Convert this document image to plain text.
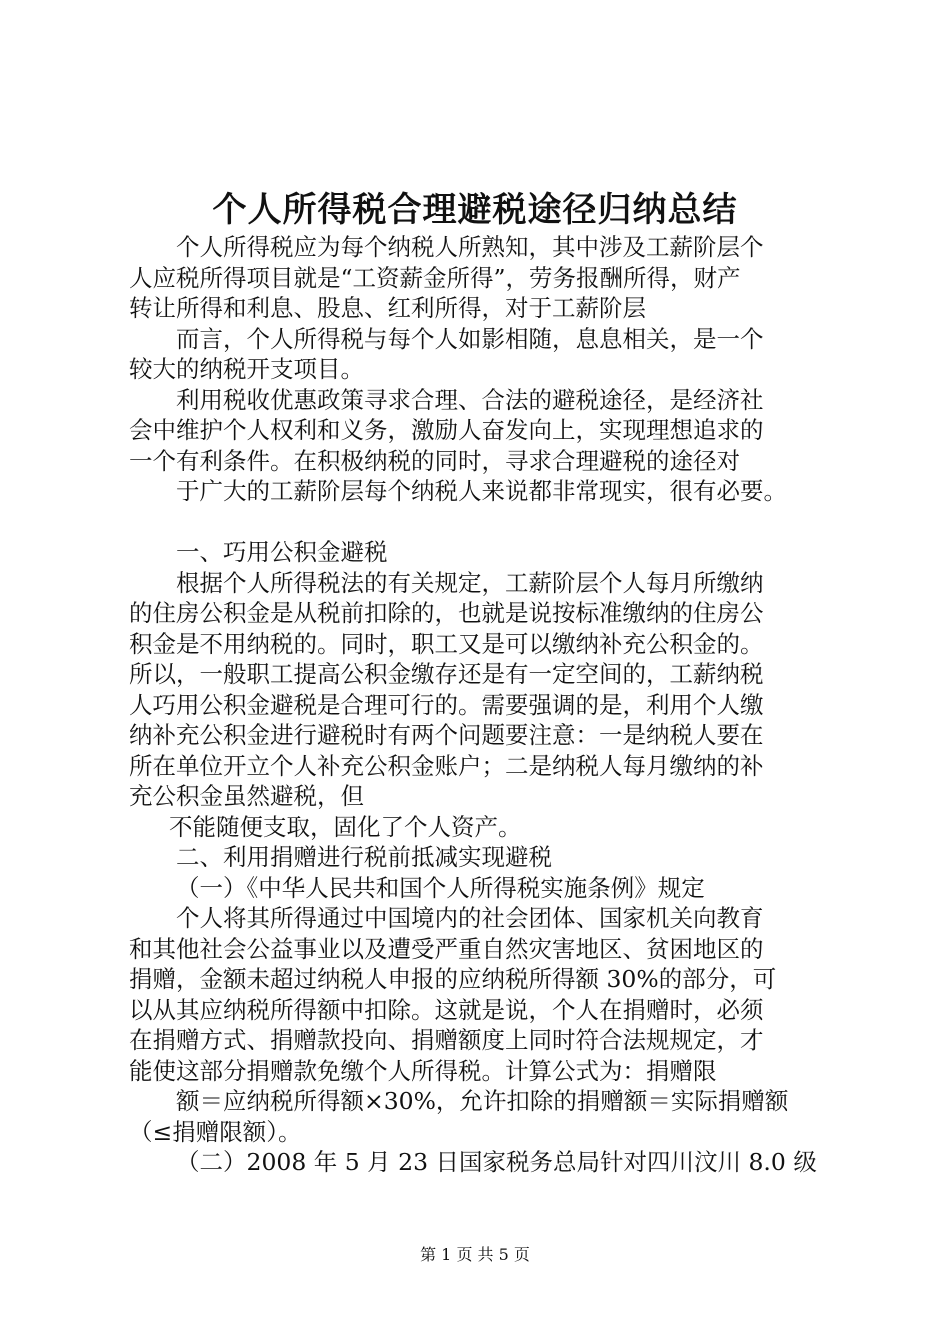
个人所得税合理避税途径归纳总结
个人所得税应为每个纳税人所熟知，其中涉及工薪阶层个
人应税所得项目就是“工资薪金所得”，劳务报酬所得，财产
转让所得和利息、股息、红利所得，对于工薪阶层
而言，个人所得税与每个人如影相随，息息相关，是一个
较大的纳税开支项目。
利用税收优惠政策寻求合理、合法的避税途径，是经济社
会中维护个人权利和义务，激励人奋发向上，实现理想追求的
一个有利条件。在积极纳税的同时，寻求合理避税的途径对
于广大的工薪阶层每个纳税人来说都非常现实，很有必要。
一、巧用公积金避税
根据个人所得税法的有关规定，工薪阶层个人每月所缴纳
的住房公积金是从税前扣除的，也就是说按标准缴纳的住房公
积金是不用纳税的。同时，职工又是可以缴纳补充公积金的。
所以，一般职工提高公积金缴存还是有一定空间的，工薪纳税
人巧用公积金避税是合理可行的。需要强调的是，利用个人缴
纳补充公积金进行避税时有两个问题要注意：一是纳税人要在
所在单位开立个人补充公积金账户；二是纳税人每月缴纳的补
充公积金虽然避税，但
不能随便支取，固化了个人资产。
二、利用捐赠进行税前抵减实现避税
（一）《中华人民共和国个人所得税实施条例》规定
个人将其所得通过中国境内的社会团体、国家机关向教育
和其他社会公益事业以及遭受严重自然灾害地区、贫困地区的
捐赠，金额未超过纳税人申报的应纳税所得额 30%的部分，可
以从其应纳税所得额中扣除。这就是说，个人在捐赠时，必须
在捐赠方式、捐赠款投向、捐赠额度上同时符合法规规定，才
能使这部分捐赠款免缴个人所得税。计算公式为：捐赠限
额＝应纳税所得额×30%，允许扣除的捐赠额＝实际捐赠额
（≤捐赠限额）。
（二）2008 年 5 月 23 日国家税务总局针对四川汶川 8.0 级
第 1 页 共 5 页
